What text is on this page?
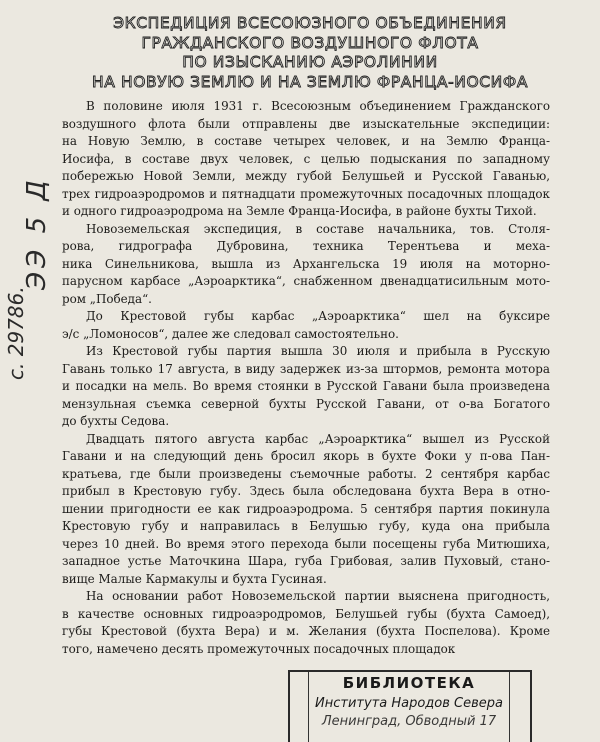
ЭКСПЕДИЦИЯ ВСЕСОЮЗНОГО ОБЪЕДИНЕНИЯ
ГРАЖДАНСКОГО ВОЗДУШНОГО ФЛОТА
ПО ИЗЫСКАНИЮ АЭРОЛИНИИ
НА НОВУЮ ЗЕМЛЮ И НА ЗЕМЛЮ ФРАНЦА-ИОСИФА
В половине июля 1931 г. Всесоюзным объединением Гражданского
воздушного флота были отправлены две изыскательные экспедиции:
на Новую Землю, в составе четырех человек, и на Землю Франца-
Иосифа, в составе двух человек, с целью подыскания по западному
побережью Новой Земли, между губой Белушьей и Русской Гаванью,
трех гидроаэродромов и пятнадцати промежуточных посадочных площадок
и одного гидроаэродрома на Земле Франца-Иосифа, в районе бухты Тихой.
Новоземельская экспедиция, в составе начальника, тов. Столя-
рова, гидрографа Дубровина, техника Терентьева и меха-
ника Синельникова, вышла из Архангельска 19 июля на моторно-
парусном карбасе „Аэроарктика“, снабженном двенадцатисильным мото-
ром „Победа“.
До Крестовой губы карбас „Аэроарктика“ шел на буксире
э/с „Ломоносов“, далее же следовал самостоятельно.
Из Крестовой губы партия вышла 30 июля и прибыла в Русскую
Гавань только 17 августа, в виду задержек из-за штормов, ремонта мотора
и посадки на мель. Во время стоянки в Русской Гавани была произведена
мензульная съемка северной бухты Русской Гавани, от о-ва Богатого
до бухты Седова.
Двадцать пятого августа карбас „Аэроарктика“ вышел из Русской
Гавани и на следующий день бросил якорь в бухте Фоки у п-ова Пан-
кратьева, где были произведены съемочные работы. 2 сентября карбас
прибыл в Крестовую губу. Здесь была обследована бухта Вера в отно-
шении пригодности ее как гидроаэродрома. 5 сентября партия покинула
Крестовую губу и направилась в Белушью губу, куда она прибыла
через 10 дней. Во время этого перехода были посещены губа Митюшиха,
западное устье Маточкина Шара, губа Грибовая, залив Пуховый, стано-
вище Малые Кармакулы и бухта Гусиная.
На основании работ Новоземельской партии выяснена пригодность,
в качестве основных гидроаэродромов, Белушьей губы (бухта Самоед),
губы Крестовой (бухта Вера) и м. Желания (бухта Поспелова). Кроме
того, намечено десять промежуточных посадочных площадок
с. 29786.
ЭЭ 5 Д
БИБЛИОТЕКА
Института Народов Севера
Ленинград, Обводный 17
